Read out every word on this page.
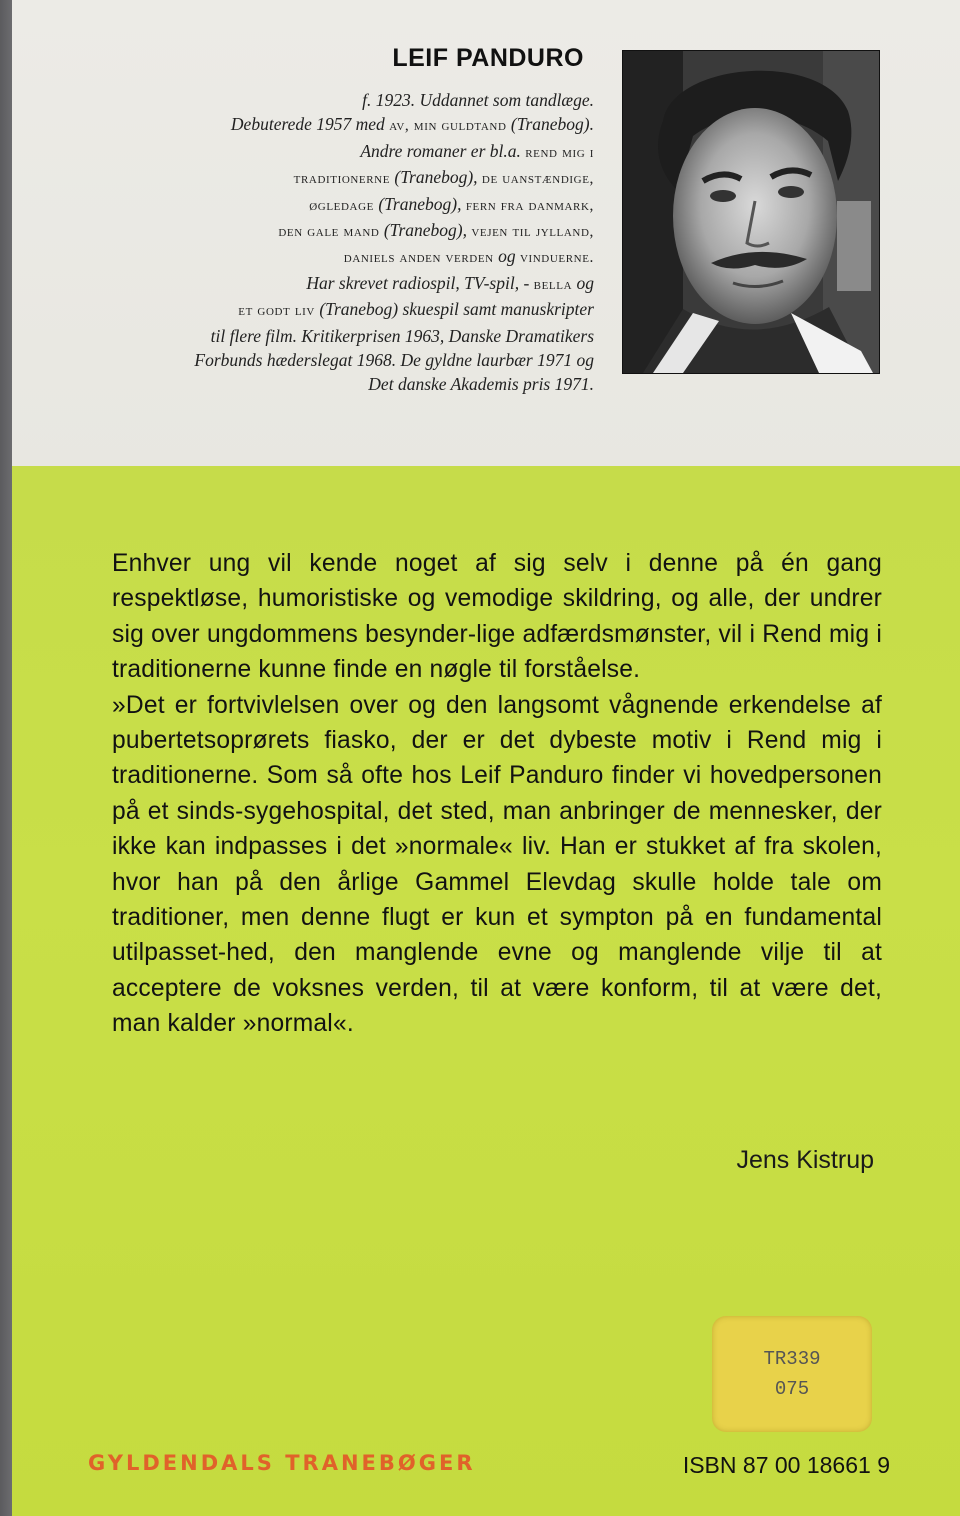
LEIF PANDURO
f. 1923. Uddannet som tandlæge.
Debuterede 1957 med av, min guldtand (Tranebog).
Andre romaner er bl.a. rend mig i
traditionerne (Tranebog), de uanstændige,
øgledage (Tranebog), fern fra danmark,
den gale mand (Tranebog), vejen til jylland,
daniels anden verden og vinduerne.
Har skrevet radiospil, TV-spil, - bella og
et godt liv (Tranebog) skuespil samt manuskripter
til flere film. Kritikerprisen 1963, Danske Dramatikers
Forbunds hæderslegat 1968. De gyldne laurbær 1971 og
Det danske Akademis pris 1971.

Enhver ung vil kende noget af sig selv i denne på én gang respektløse, humoristiske og vemodige skildring, og alle, der undrer sig over ungdommens besynder-lige adfærdsmønster, vil i Rend mig i traditionerne kunne finde en nøgle til forståelse.

»Det er fortvivlelsen over og den langsomt vågnende erkendelse af pubertetsoprørets fiasko, der er det dybeste motiv i Rend mig i traditionerne. Som så ofte hos Leif Panduro finder vi hovedpersonen på et sinds-sygehospital, det sted, man anbringer de mennesker, der ikke kan indpasses i det »normale« liv. Han er stukket af fra skolen, hvor han på den årlige Gammel Elevdag skulle holde tale om traditioner, men denne flugt er kun et sympton på en fundamental utilpasset-hed, den manglende evne og manglende vilje til at acceptere de voksnes verden, til at være konform, til at være det, man kalder »normal«.

Jens Kistrup
TR339
075
GYLDENDALS TRANEBØGER	ISBN 87 00 18661 9
